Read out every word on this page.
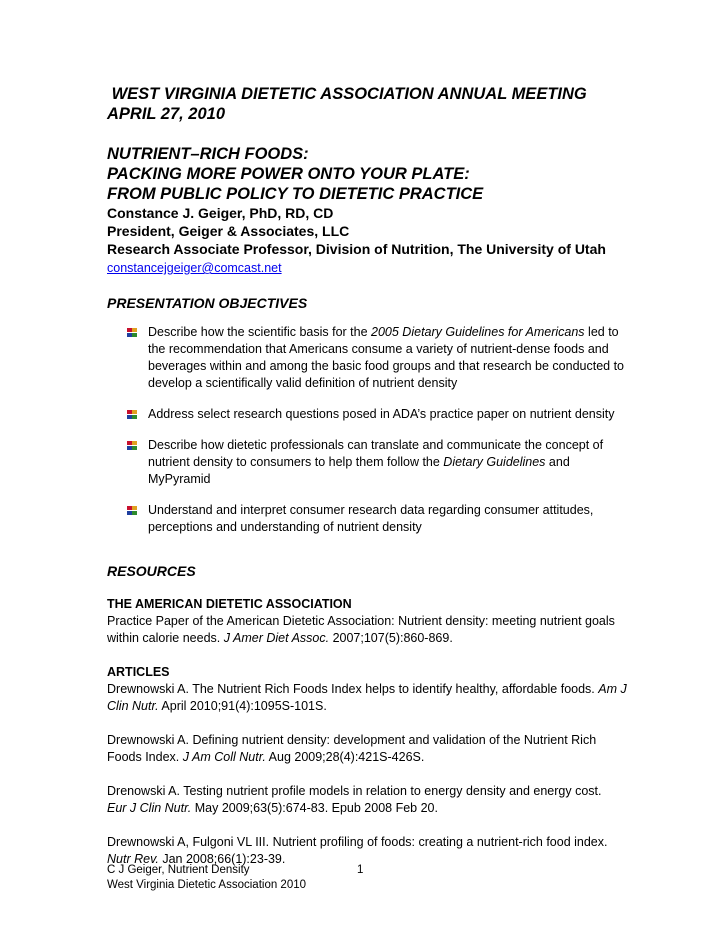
WEST VIRGINIA DIETETIC ASSOCIATION ANNUAL MEETING

APRIL 27, 2010

NUTRIENT–RICH FOODS:

PACKING MORE POWER ONTO YOUR PLATE:

FROM PUBLIC POLICY TO DIETETIC PRACTICE

Constance J. Geiger, PhD, RD, CD

President, Geiger & Associates, LLC

Research Associate Professor, Division of Nutrition, The University of Utah

constancejgeiger@comcast.net

PRESENTATION OBJECTIVES

Describe how the scientific basis for the 2005 Dietary Guidelines for Americans led to the recommendation that Americans consume a variety of nutrient-dense foods and beverages within and among the basic food groups and that research be conducted to develop a scientifically valid definition of nutrient density
Address select research questions posed in ADA’s practice paper on nutrient density
Describe how dietetic professionals can translate and communicate the concept of nutrient density to consumers to help them follow the Dietary Guidelines and MyPyramid
Understand and interpret consumer research data regarding consumer attitudes, perceptions and understanding of nutrient density

RESOURCES

THE AMERICAN DIETETIC ASSOCIATION

Practice Paper of the American Dietetic Association: Nutrient density: meeting nutrient goals within calorie needs. J Amer Diet Assoc. 2007;107(5):860-869.

ARTICLES

Drewnowski A. The Nutrient Rich Foods Index helps to identify healthy, affordable foods. Am J Clin Nutr. April 2010;91(4):1095S-101S.

Drewnowski A. Defining nutrient density: development and validation of the Nutrient Rich Foods Index. J Am Coll Nutr. Aug 2009;28(4):421S-426S.

Drenowski A. Testing nutrient profile models in relation to energy density and energy cost.  Eur J Clin Nutr. May 2009;63(5):674-83. Epub 2008 Feb 20.

Drewnowski A, Fulgoni VL III. Nutrient profiling of foods: creating a nutrient-rich food index. Nutr Rev. Jan 2008;66(1):23-39.

C J Geiger, Nutrient Density
West Virginia Dietetic Association 2010
1
